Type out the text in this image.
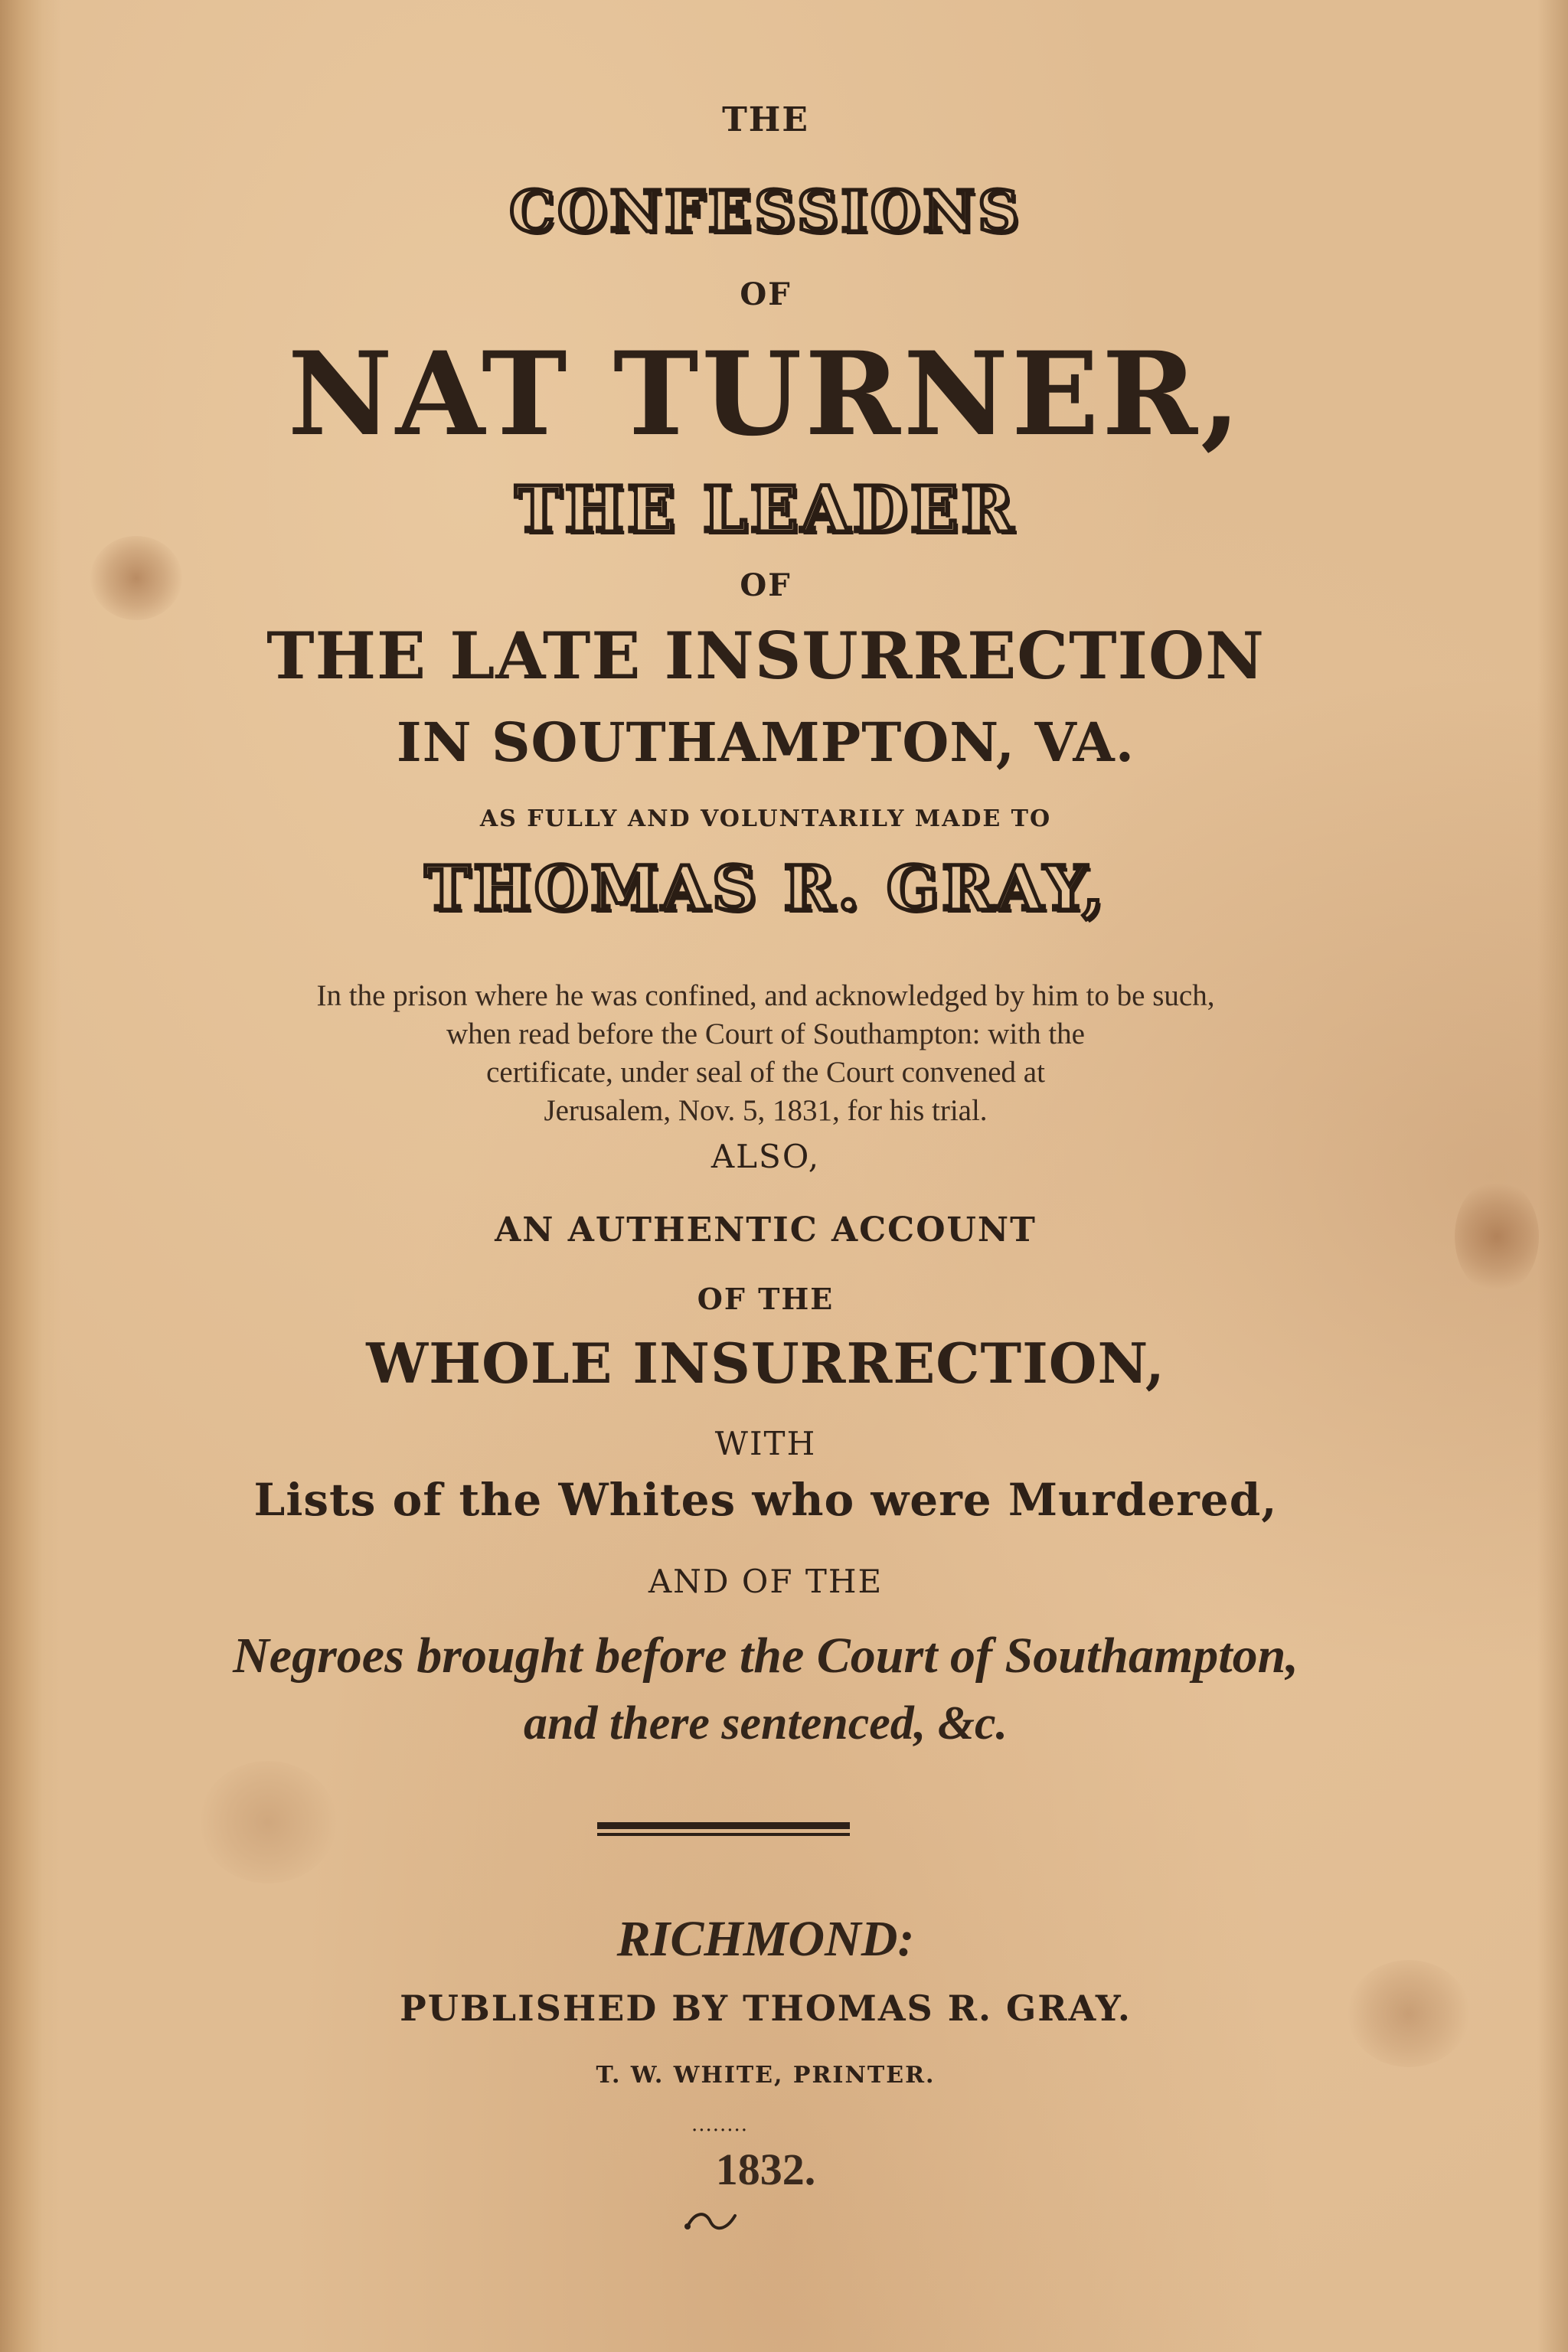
THE

CONFESSIONS

OF

NAT TURNER,

THE LEADER

OF

THE LATE INSURRECTION

IN SOUTHAMPTON, VA.

AS FULLY AND VOLUNTARILY MADE TO

THOMAS R. GRAY,

In the prison where he was confined, and acknowledged by him to be such,

when read before the Court of Southampton: with the

certificate, under seal of the Court convened at

Jerusalem, Nov. 5, 1831, for his trial.

ALSO,

AN AUTHENTIC ACCOUNT

OF THE

WHOLE INSURRECTION,

WITH

Lists of the Whites who were Murdered,

AND OF THE

Negroes brought before the Court of Southampton,

and there sentenced, &c.

RICHMOND:

PUBLISHED BY THOMAS R. GRAY.

T. W. WHITE, PRINTER.

........

1832.
